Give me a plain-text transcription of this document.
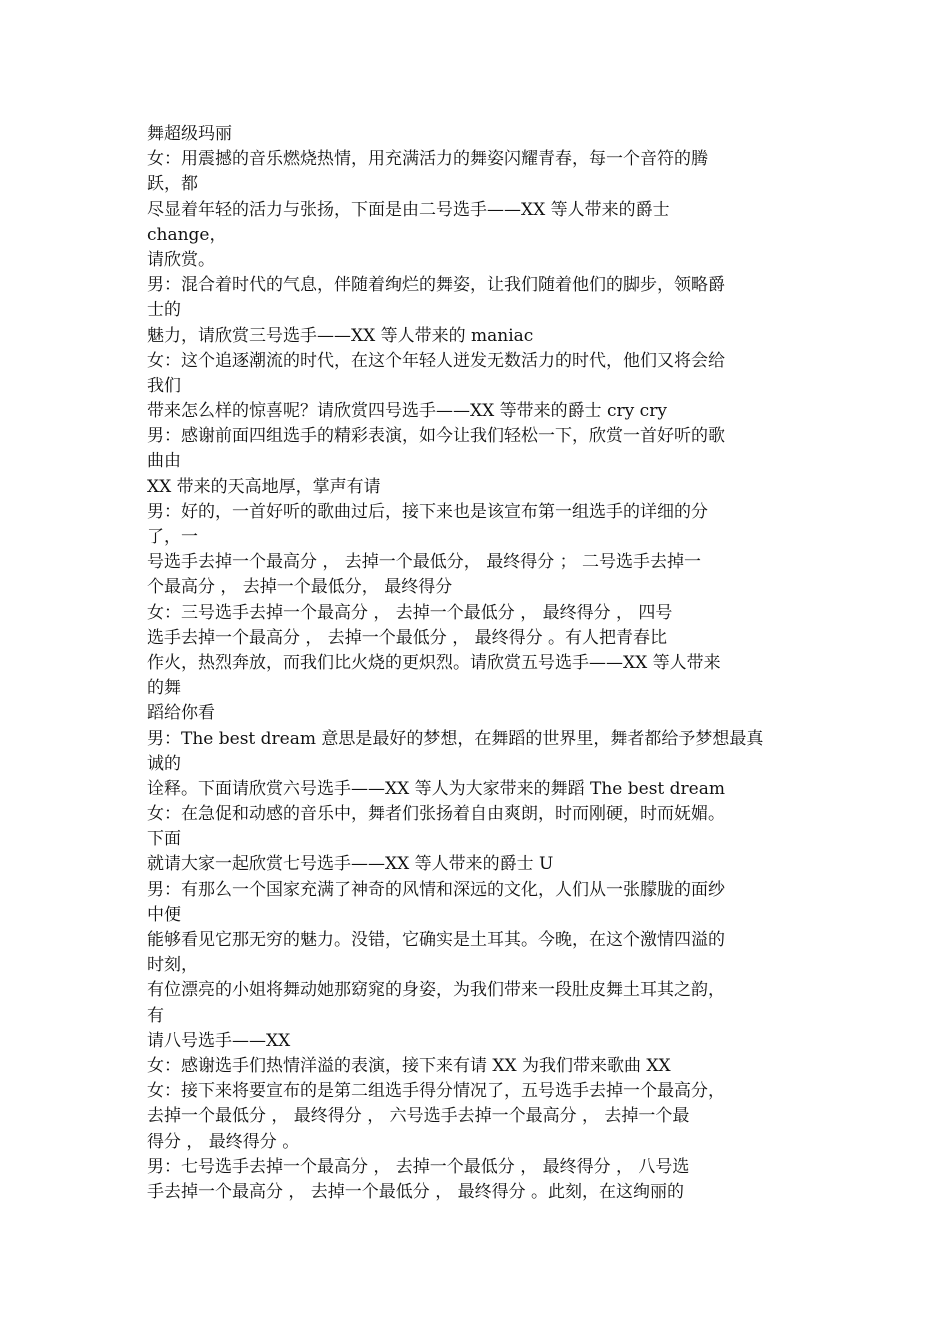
舞超级玛丽
女：用震撼的音乐燃烧热情，用充满活力的舞姿闪耀青春，每一个音符的腾
跃，都
尽显着年轻的活力与张扬，下面是由二号选手——XX 等人带来的爵士
change，
请欣赏。
男：混合着时代的气息，伴随着绚烂的舞姿，让我们随着他们的脚步，领略爵
士的
魅力，请欣赏三号选手——XX 等人带来的 maniac
女：这个追逐潮流的时代，在这个年轻人迸发无数活力的时代，他们又将会给
我们
带来怎么样的惊喜呢？请欣赏四号选手——XX 等带来的爵士 cry cry
男：感谢前面四组选手的精彩表演，如今让我们轻松一下，欣赏一首好听的歌
曲由
XX 带来的天高地厚，掌声有请
男：好的，一首好听的歌曲过后，接下来也是该宣布第一组选手的详细的分
了，一
号选手去掉一个最高分 ， 去掉一个最低分， 最终得分 ； 二号选手去掉一
个最高分 ， 去掉一个最低分， 最终得分
女：三号选手去掉一个最高分 ， 去掉一个最低分 ， 最终得分 ， 四号
选手去掉一个最高分 ， 去掉一个最低分 ， 最终得分 。有人把青春比
作火，热烈奔放，而我们比火烧的更炽烈。请欣赏五号选手——XX 等人带来
的舞
蹈给你看
男：The best dream 意思是最好的梦想，在舞蹈的世界里，舞者都给予梦想最真
诚的
诠释。下面请欣赏六号选手——XX 等人为大家带来的舞蹈 The best dream
女：在急促和动感的音乐中，舞者们张扬着自由爽朗，时而刚硬，时而妩媚。
下面
就请大家一起欣赏七号选手——XX 等人带来的爵士 U
男：有那么一个国家充满了神奇的风情和深远的文化，人们从一张朦胧的面纱
中便
能够看见它那无穷的魅力。没错，它确实是土耳其。今晚，在这个激情四溢的
时刻，
有位漂亮的小姐将舞动她那窈窕的身姿，为我们带来一段肚皮舞土耳其之韵，
有
请八号选手——XX
女：感谢选手们热情洋溢的表演，接下来有请 XX 为我们带来歌曲 XX
女：接下来将要宣布的是第二组选手得分情况了，五号选手去掉一个最高分，
去掉一个最低分 ， 最终得分 ， 六号选手去掉一个最高分 ， 去掉一个最
得分 ， 最终得分 。
男：七号选手去掉一个最高分 ， 去掉一个最低分 ， 最终得分 ， 八号选
手去掉一个最高分 ， 去掉一个最低分 ， 最终得分 。此刻，在这绚丽的
